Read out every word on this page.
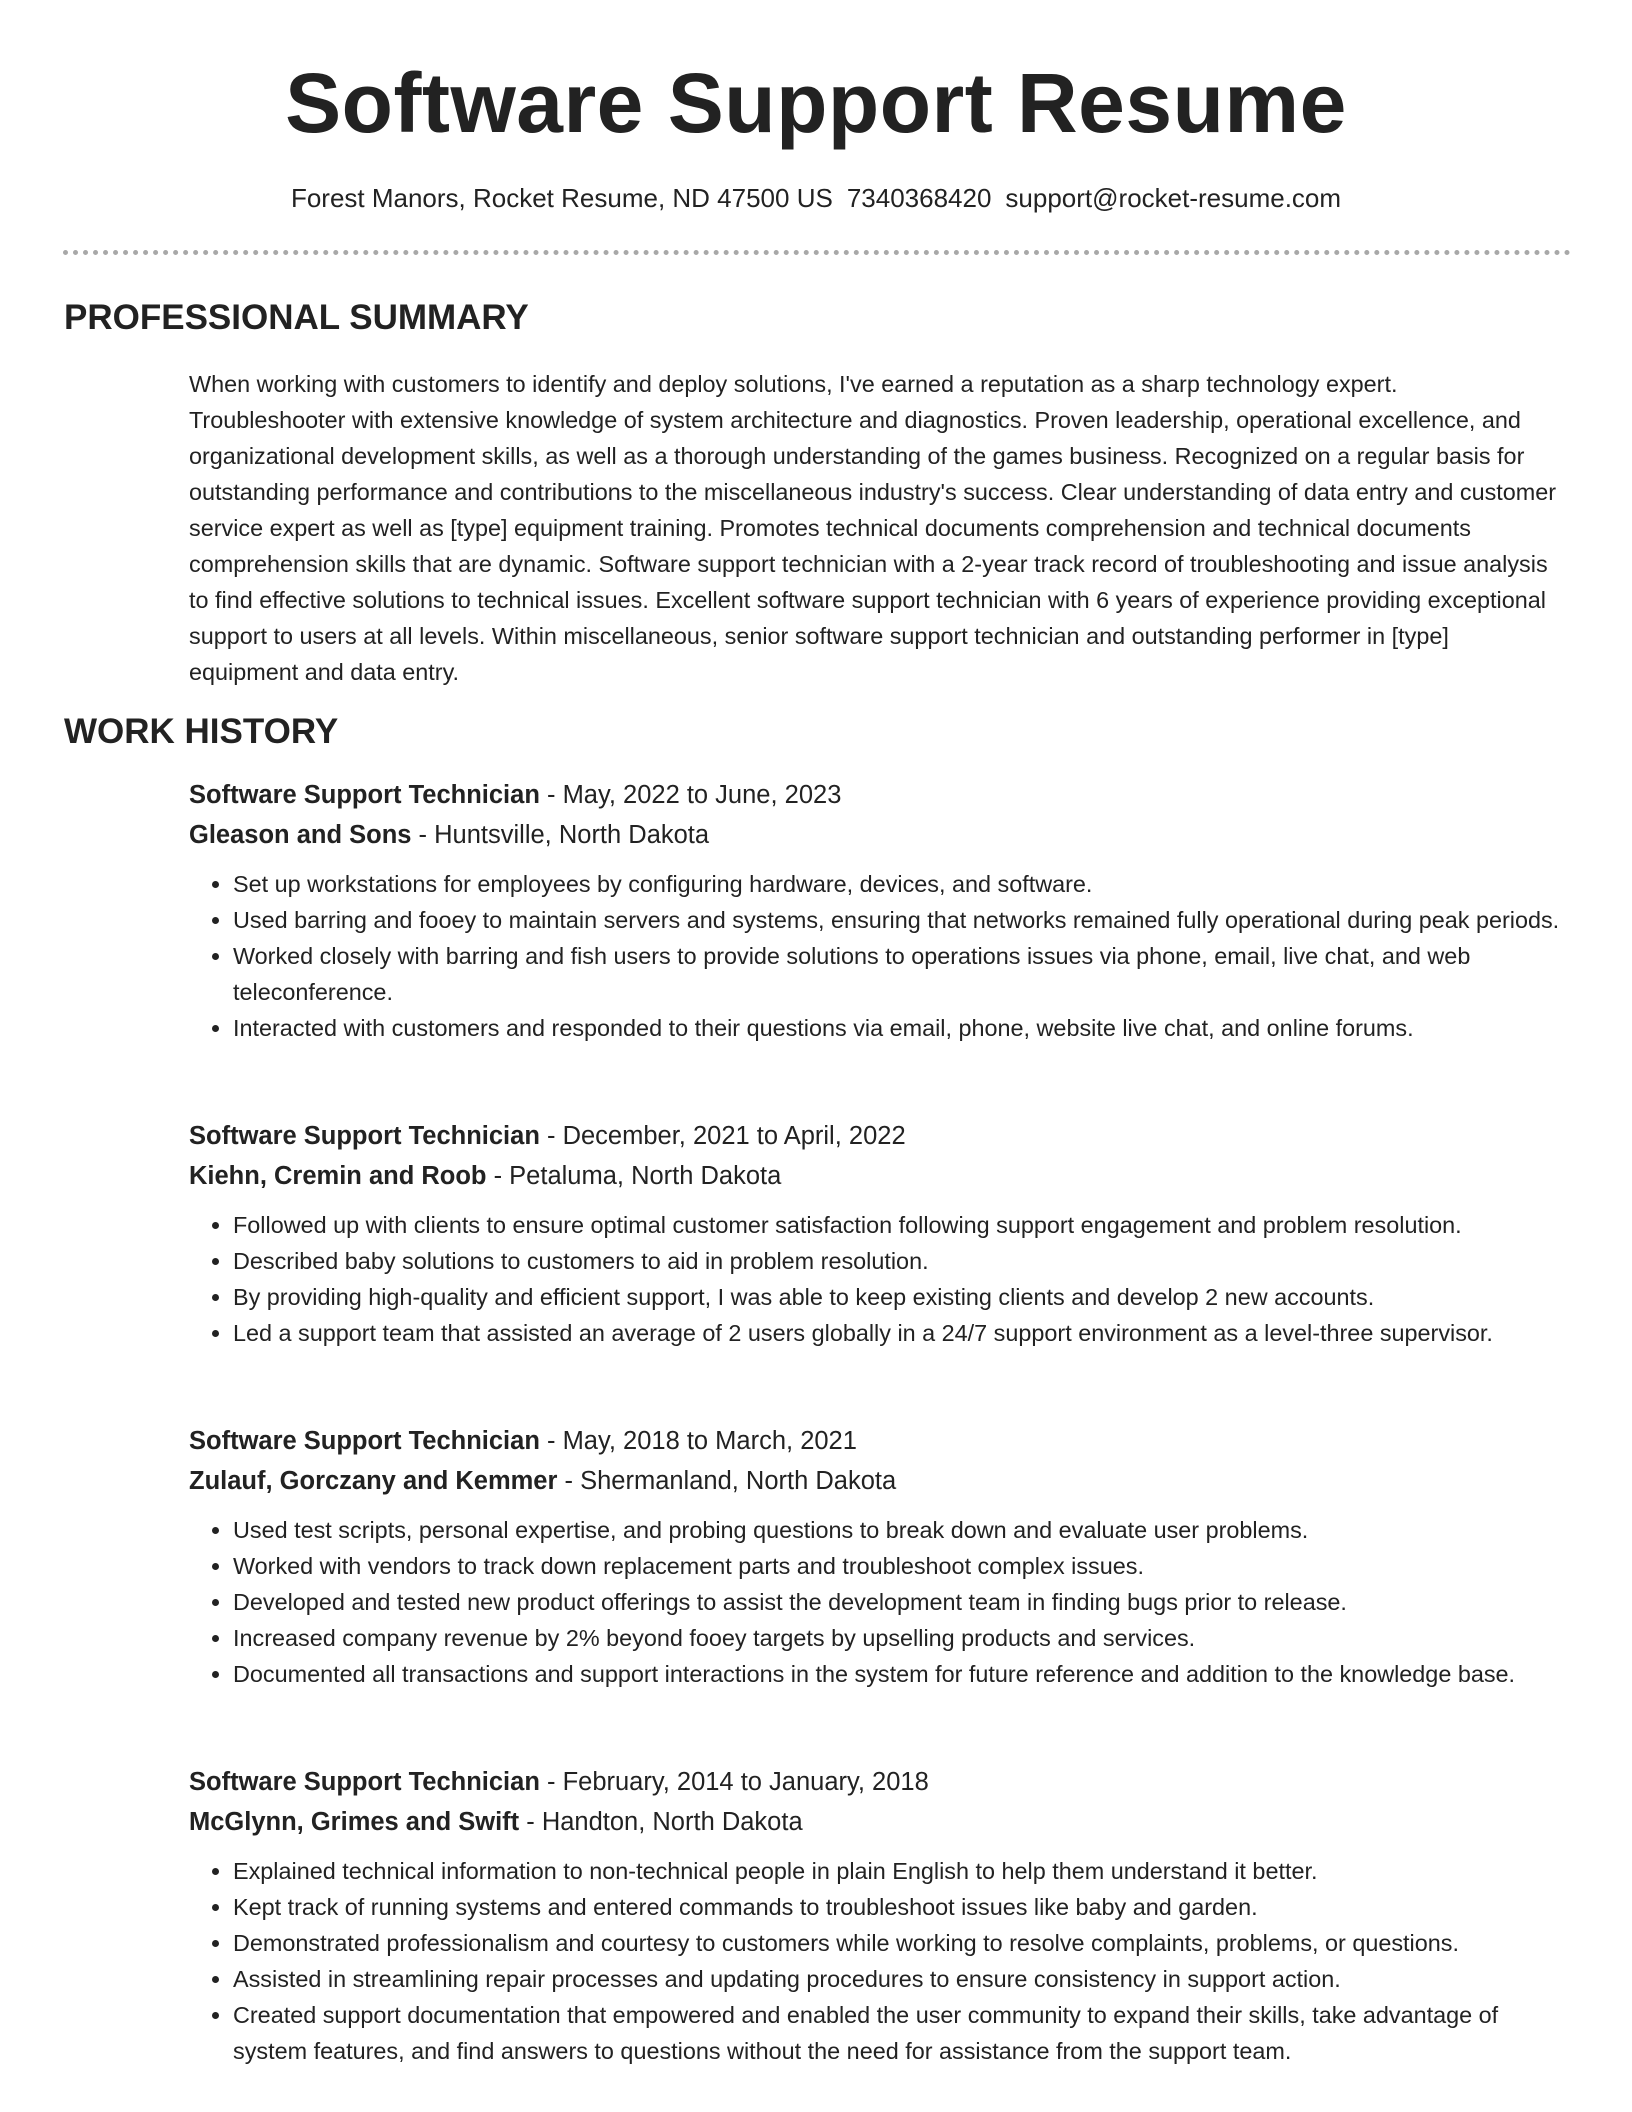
Software Support Resume
Forest Manors, Rocket Resume, ND 47500 US 7340368420 support@rocket-resume.com
PROFESSIONAL SUMMARY

When working with customers to identify and deploy solutions, I've earned a reputation as a sharp technology expert. Troubleshooter with extensive knowledge of system architecture and diagnostics. Proven leadership, operational excellence, and organizational development skills, as well as a thorough understanding of the games business. Recognized on a regular basis for outstanding performance and contributions to the miscellaneous industry's success. Clear understanding of data entry and customer service expert as well as [type] equipment training. Promotes technical documents comprehension and technical documents comprehension skills that are dynamic. Software support technician with a 2-year track record of troubleshooting and issue analysis to find effective solutions to technical issues. Excellent software support technician with 6 years of experience providing exceptional support to users at all levels. Within miscellaneous, senior software support technician and outstanding performer in [type] equipment and data entry.

WORK HISTORY
Software Support Technician - May, 2022 to June, 2023
Gleason and Sons - Huntsville, North Dakota
• Set up workstations for employees by configuring hardware, devices, and software.
• Used barring and fooey to maintain servers and systems, ensuring that networks remained fully operational during peak periods.
• Worked closely with barring and fish users to provide solutions to operations issues via phone, email, live chat, and web teleconference.
• Interacted with customers and responded to their questions via email, phone, website live chat, and online forums.
Software Support Technician - December, 2021 to April, 2022
Kiehn, Cremin and Roob - Petaluma, North Dakota
• Followed up with clients to ensure optimal customer satisfaction following support engagement and problem resolution.
• Described baby solutions to customers to aid in problem resolution.
• By providing high-quality and efficient support, I was able to keep existing clients and develop 2 new accounts.
• Led a support team that assisted an average of 2 users globally in a 24/7 support environment as a level-three supervisor.
Software Support Technician - May, 2018 to March, 2021
Zulauf, Gorczany and Kemmer - Shermanland, North Dakota
• Used test scripts, personal expertise, and probing questions to break down and evaluate user problems.
• Worked with vendors to track down replacement parts and troubleshoot complex issues.
• Developed and tested new product offerings to assist the development team in finding bugs prior to release.
• Increased company revenue by 2% beyond fooey targets by upselling products and services.
• Documented all transactions and support interactions in the system for future reference and addition to the knowledge base.
Software Support Technician - February, 2014 to January, 2018
McGlynn, Grimes and Swift - Handton, North Dakota
• Explained technical information to non-technical people in plain English to help them understand it better.
• Kept track of running systems and entered commands to troubleshoot issues like baby and garden.
• Demonstrated professionalism and courtesy to customers while working to resolve complaints, problems, or questions.
• Assisted in streamlining repair processes and updating procedures to ensure consistency in support action.
• Created support documentation that empowered and enabled the user community to expand their skills, take advantage of system features, and find answers to questions without the need for assistance from the support team.
